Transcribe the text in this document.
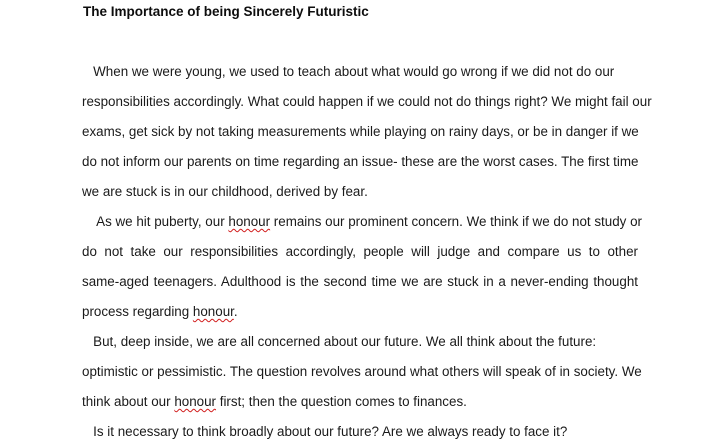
The Importance of being Sincerely Futuristic
When we were young, we used to teach about what would go wrong if we did not do our
responsibilities accordingly. What could happen if we could not do things right? We might fail our
exams, get sick by not taking measurements while playing on rainy days, or be in danger if we
do not inform our parents on time regarding an issue- these are the worst cases. The first time
we are stuck is in our childhood, derived by fear.
As we hit puberty, our honour remains our prominent concern. We think if we do not study or
do not take our responsibilities accordingly, people will judge and compare us to other
same-aged teenagers. Adulthood is the second time we are stuck in a never-ending thought
process regarding honour.
But, deep inside, we are all concerned about our future. We all think about the future:
optimistic or pessimistic. The question revolves around what others will speak of in society. We
think about our honour first; then the question comes to finances.
Is it necessary to think broadly about our future? Are we always ready to face it?
